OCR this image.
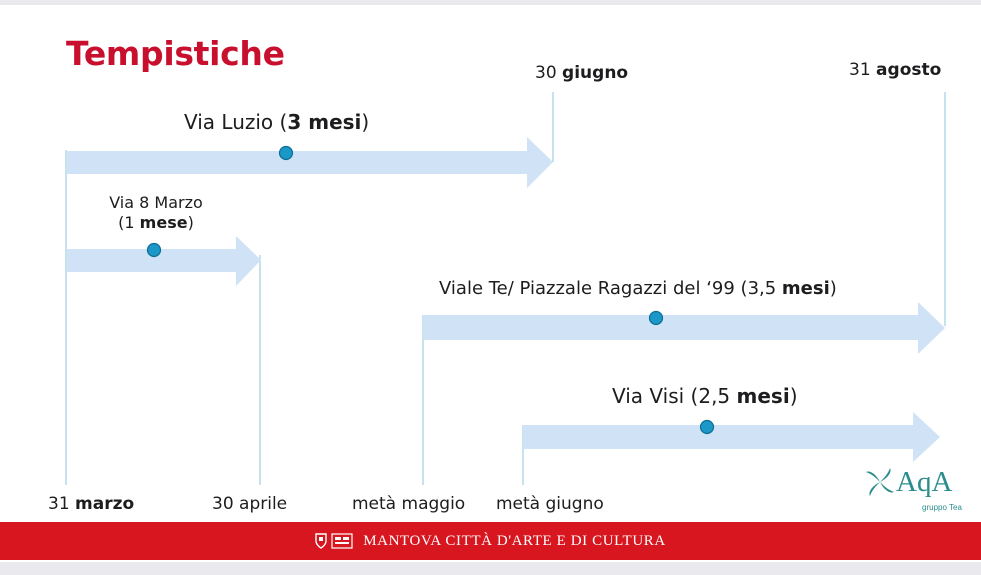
Tempistiche	30 giugno	31 agosto
Via Luzio (3 mesi)
Via 8 Marzo
(1 mese)
Viale Te/ Piazzale Ragazzi del ‘99 (3,5 mesi)
Via Visi (2,5 mesi)
31 marzo	30 aprile	metà maggio metà giugno
AqA
gruppo Tea
MANTOVA CITTÀ D'ARTE E DI CULTURA
